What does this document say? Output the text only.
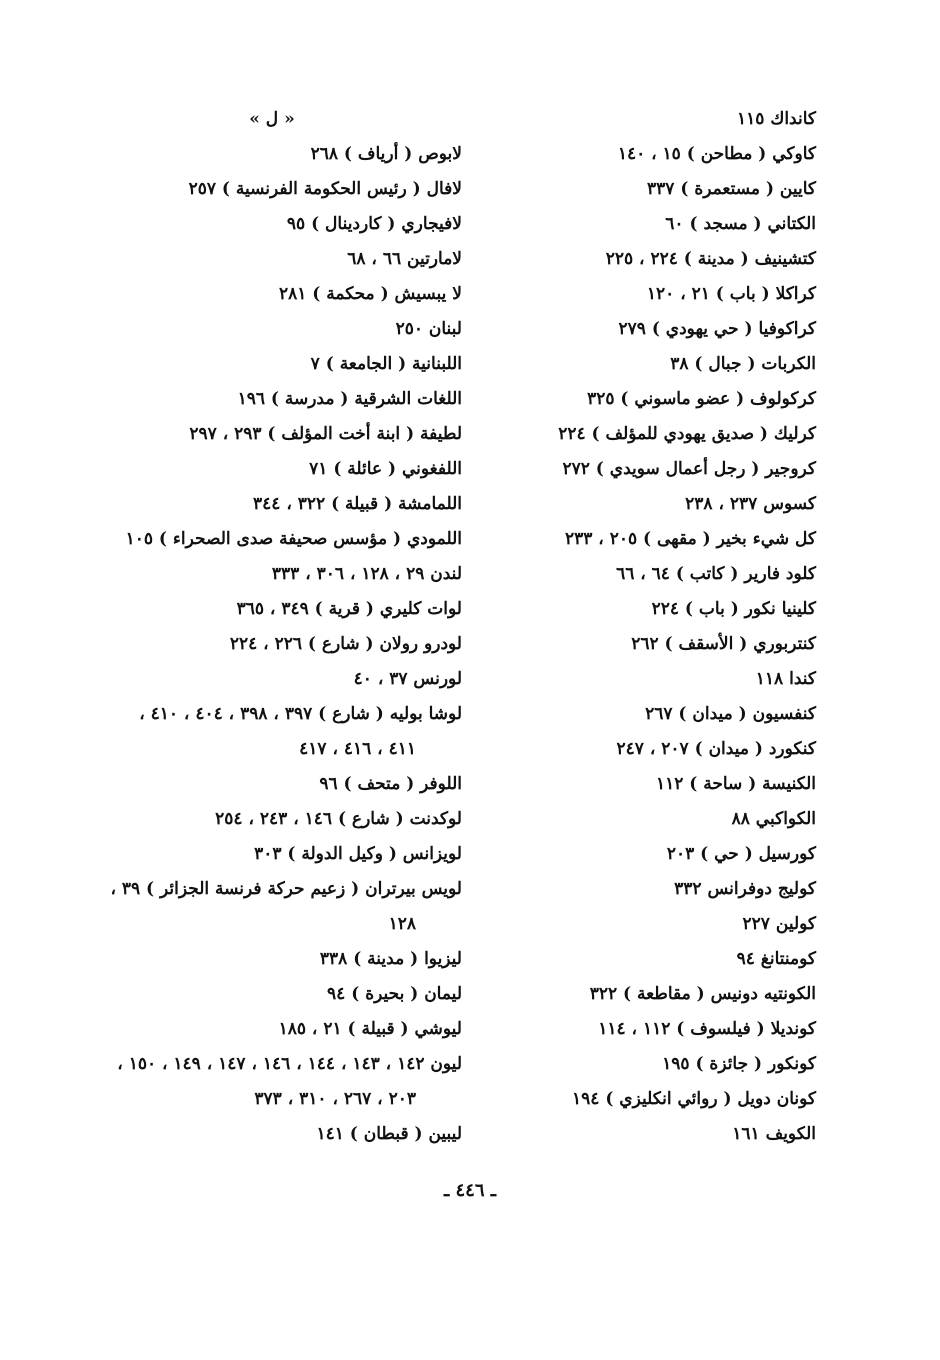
كانداك ١١٥
كاوكي ( مطاحن ) ١٥ ، ١٤٠
كايين ( مستعمرة ) ٣٣٧
الكتاني ( مسجد ) ٦٠
كتشينيف ( مدينة ) ٢٢٤ ، ٢٢٥
كراكلا ( باب ) ٢١ ، ١٢٠
كراكوفيا ( حي يهودي ) ٢٧٩
الكربات ( جبال ) ٣٨
كركولوف ( عضو ماسوني ) ٣٢٥
كرليك ( صديق يهودي للمؤلف ) ٢٢٤
كروجير ( رجل أعمال سويدي ) ٢٧٢
كسوس ٢٣٧ ، ٢٣٨
كل شيء بخير ( مقهى ) ٢٠٥ ، ٢٣٣
كلود فارير ( كاتب ) ٦٤ ، ٦٦
كلينيا نكور ( باب ) ٢٢٤
كنتربوري ( الأسقف ) ٢٦٢
كندا ١١٨
كنفسيون ( ميدان ) ٢٦٧
كنكورد ( ميدان ) ٢٠٧ ، ٢٤٧
الكنيسة ( ساحة ) ١١٢
الكواكبي ٨٨
كورسيل ( حي ) ٢٠٣
كوليج دوفرانس ٣٣٢
كولين ٢٢٧
كومنتانغ ٩٤
الكونتيه دونيس ( مقاطعة ) ٣٢٢
كونديلا ( فيلسوف ) ١١٢ ، ١١٤
كونكور ( جائزة ) ١٩٥
كونان دويل ( روائي انكليزي ) ١٩٤
الكويف ١٦١
« ل »
لابوص ( أرياف ) ٢٦٨
لافال ( رئيس الحكومة الفرنسية ) ٢٥٧
لافيجاري ( كاردينال ) ٩٥
لامارتين ٦٦ ، ٦٨
لا يبسيش ( محكمة ) ٢٨١
لبنان ٢٥٠
اللبنانية ( الجامعة ) ٧
اللغات الشرقية ( مدرسة ) ١٩٦
لطيفة ( ابنة أخت المؤلف ) ٢٩٣ ، ٢٩٧
اللفغوني ( عائلة ) ٧١
اللمامشة ( قبيلة ) ٣٢٢ ، ٣٤٤
اللمودي ( مؤسس صحيفة صدى الصحراء ) ١٠٥
لندن ٢٩ ، ١٢٨ ، ٣٠٦ ، ٣٣٣
لوات كليري ( قرية ) ٣٤٩ ، ٣٦٥
لودرو رولان ( شارع ) ٢٢٦ ، ٢٢٤
لورنس ٣٧ ، ٤٠
لوشا بوليه ( شارع ) ٣٩٧ ، ٣٩٨ ، ٤٠٤ ، ٤١٠ ،
٤١١ ، ٤١٦ ، ٤١٧
اللوفر ( متحف ) ٩٦
لوكدنت ( شارع ) ١٤٦ ، ٢٤٣ ، ٢٥٤
لويزانس ( وكيل الدولة ) ٣٠٣
لويس بيرتران ( زعيم حركة فرنسة الجزائر ) ٣٩ ،
١٢٨
ليزيوا ( مدينة ) ٣٣٨
ليمان ( بحيرة ) ٩٤
ليوشي ( قبيلة ) ٢١ ، ١٨٥
ليون ١٤٢ ، ١٤٣ ، ١٤٤ ، ١٤٦ ، ١٤٧ ، ١٤٩ ، ١٥٠ ،
٢٠٣ ، ٢٦٧ ، ٣١٠ ، ٣٧٣
ليبين ( قبطان ) ١٤١
ـ ٤٤٦ ـ
